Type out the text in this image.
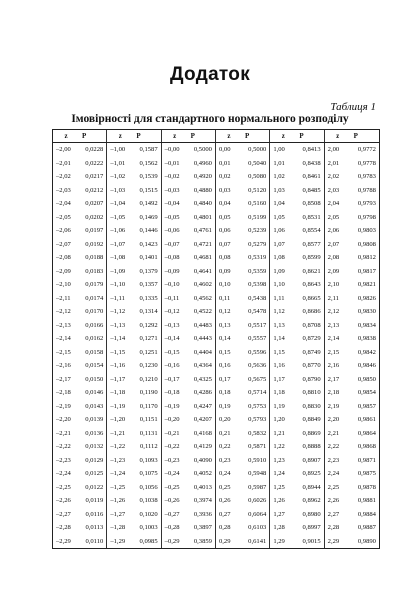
Додаток
Таблиця 1
Імовірності для стандартного нормального розподілу
z	P	z	P	z	P	z	P	z	P	z	P
–2,00	0,0228	–1,00	0,1587	–0,00	0,5000	0,00	0,5000	1,00	0,8413	2,00	0,9772
–2,01	0,0222	–1,01	0,1562	–0,01	0,4960	0,01	0,5040	1,01	0,8438	2,01	0,9778
–2,02	0,0217	–1,02	0,1539	–0,02	0,4920	0,02	0,5080	1,02	0,8461	2,02	0,9783
–2,03	0,0212	–1,03	0,1515	–0,03	0,4880	0,03	0,5120	1,03	0,8485	2,03	0,9788
–2,04	0,0207	–1,04	0,1492	–0,04	0,4840	0,04	0,5160	1,04	0,8508	2,04	0,9793
–2,05	0,0202	–1,05	0,1469	–0,05	0,4801	0,05	0,5199	1,05	0,8531	2,05	0,9798
–2,06	0,0197	–1,06	0,1446	–0,06	0,4761	0,06	0,5239	1,06	0,8554	2,06	0,9803
–2,07	0,0192	–1,07	0,1423	–0,07	0,4721	0,07	0,5279	1,07	0,8577	2,07	0,9808
–2,08	0,0188	–1,08	0,1401	–0,08	0,4681	0,08	0,5319	1,08	0,8599	2,08	0,9812
–2,09	0,0183	–1,09	0,1379	–0,09	0,4641	0,09	0,5359	1,09	0,8621	2,09	0,9817
–2,10	0,0179	–1,10	0,1357	–0,10	0,4602	0,10	0,5398	1,10	0,8643	2,10	0,9821
–2,11	0,0174	–1,11	0,1335	–0,11	0,4562	0,11	0,5438	1,11	0,8665	2,11	0,9826
–2,12	0,0170	–1,12	0,1314	–0,12	0,4522	0,12	0,5478	1,12	0,8686	2,12	0,9830
–2,13	0,0166	–1,13	0,1292	–0,13	0,4483	0,13	0,5517	1,13	0,8708	2,13	0,9834
–2,14	0,0162	–1,14	0,1271	–0,14	0,4443	0,14	0,5557	1,14	0,8729	2,14	0,9838
–2,15	0,0158	–1,15	0,1251	–0,15	0,4404	0,15	0,5596	1,15	0,8749	2,15	0,9842
–2,16	0,0154	–1,16	0,1230	–0,16	0,4364	0,16	0,5636	1,16	0,8770	2,16	0,9846
–2,17	0,0150	–1,17	0,1210	–0,17	0,4325	0,17	0,5675	1,17	0,8790	2,17	0,9850
–2,18	0,0146	–1,18	0,1190	–0,18	0,4286	0,18	0,5714	1,18	0,8810	2,18	0,9854
–2,19	0,0143	–1,19	0,1170	–0,19	0,4247	0,19	0,5753	1,19	0,8830	2,19	0,9857
–2,20	0,0139	–1,20	0,1151	–0,20	0,4207	0,20	0,5793	1,20	0,8849	2,20	0,9861
–2,21	0,0136	–1,21	0,1131	–0,21	0,4168	0,21	0,5832	1,21	0,8869	2,21	0,9864
–2,22	0,0132	–1,22	0,1112	–0,22	0,4129	0,22	0,5871	1,22	0,8888	2,22	0,9868
–2,23	0,0129	–1,23	0,1093	–0,23	0,4090	0,23	0,5910	1,23	0,8907	2,23	0,9871
–2,24	0,0125	–1,24	0,1075	–0,24	0,4052	0,24	0,5948	1,24	0,8925	2,24	0,9875
–2,25	0,0122	–1,25	0,1056	–0,25	0,4013	0,25	0,5987	1,25	0,8944	2,25	0,9878
–2,26	0,0119	–1,26	0,1038	–0,26	0,3974	0,26	0,6026	1,26	0,8962	2,26	0,9881
–2,27	0,0116	–1,27	0,1020	–0,27	0,3936	0,27	0,6064	1,27	0,8980	2,27	0,9884
–2,28	0,0113	–1,28	0,1003	–0,28	0,3897	0,28	0,6103	1,28	0,8997	2,28	0,9887
–2,29	0,0110	–1,29	0,0985	–0,29	0,3859	0,29	0,6141	1,29	0,9015	2,29	0,9890
